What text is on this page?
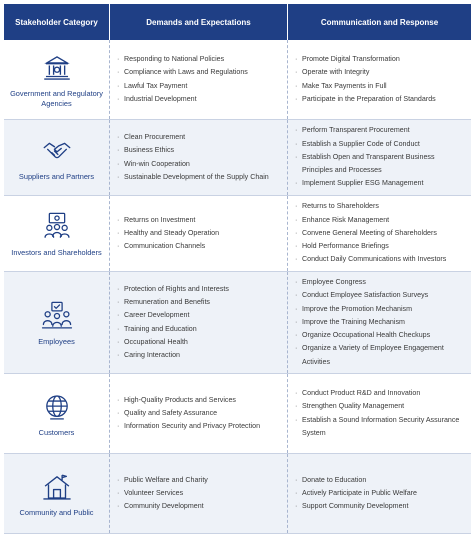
Stakeholder Category	Demands and Expectations	Communication and Response
Government and Regulatory Agencies
· Responding to National Policies
· Compliance with Laws and Regulations
· Lawful Tax Payment
· Industrial Development
· Promote Digital Transformation
· Operate with Integrity
· Make Tax Payments in Full
· Participate in the Preparation of Standards
Suppliers and Partners
· Clean Procurement
· Business Ethics
· Win-win Cooperation
· Sustainable Development of the Supply Chain
· Perform Transparent Procurement
· Establish a Supplier Code of Conduct
· Establish Open and Transparent Business Principles and Processes
· Implement Supplier ESG Management
Investors and Shareholders
· Returns on Investment
· Healthy and Steady Operation
· Communication Channels
· Returns to Shareholders
· Enhance Risk Management
· Convene General Meeting of Shareholders
· Hold Performance Briefings
· Conduct Daily Communications with Investors
Employees
· Protection of Rights and Interests
· Remuneration and Benefits
· Career Development
· Training and Education
· Occupational Health
· Caring Interaction
· Employee Congress
· Conduct Employee Satisfaction Surveys
· Improve the Promotion Mechanism
· Improve the Training Mechanism
· Organize Occupational Health Checkups
· Organize a Variety of Employee Engagement Activities
Customers
· High-Quality Products and Services
· Quality and Safety Assurance
· Information Security and Privacy Protection
· Conduct Product R&D and Innovation
· Strengthen Quality Management
· Establish a Sound Information Security Assurance System
Community and Public
· Public Welfare and Charity
· Volunteer Services
· Community Development
· Donate to Education
· Actively Participate in Public Welfare
· Support Community Development
